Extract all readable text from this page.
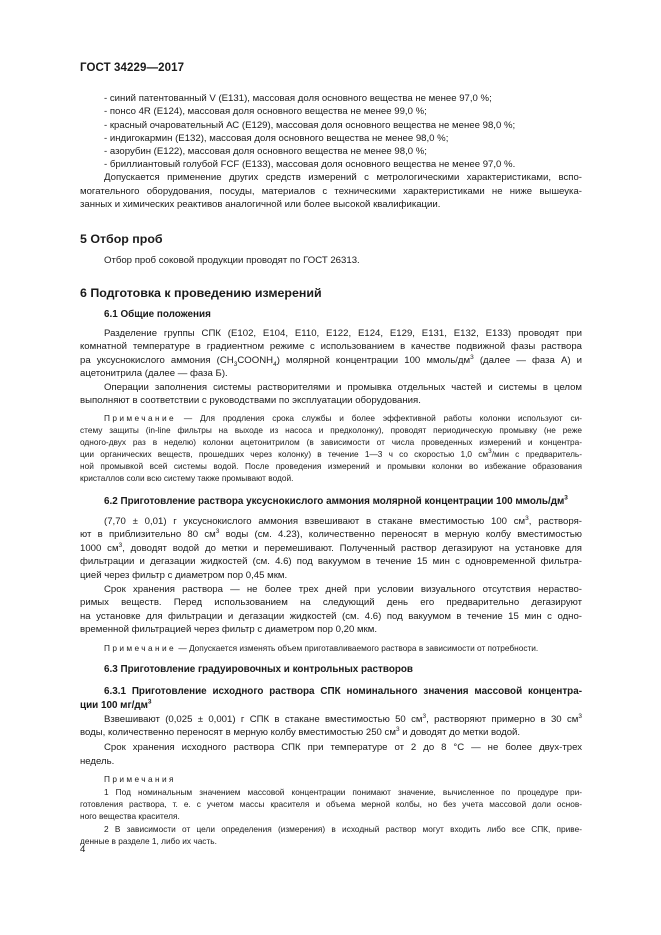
ГОСТ 34229—2017
- синий патентованный V (Е131), массовая доля основного вещества не менее 97,0 %;
- понсо 4R (Е124), массовая доля основного вещества не менее 99,0 %;
- красный очаровательный АС (Е129), массовая доля основного вещества не менее 98,0 %;
- индигокармин (Е132), массовая доля основного вещества не менее 98,0 %;
- азорубин (Е122), массовая доля основного вещества не менее 98,0 %;
- бриллиантовый голубой FCF (Е133), массовая доля основного вещества не менее 97,0 %.
Допускается применение других средств измерений с метрологическими характеристиками, вспо-
могательного оборудования, посуды, материалов с техническими характеристиками не ниже вышеука-
занных и химических реактивов аналогичной или более высокой квалификации.
5 Отбор проб
Отбор проб соковой продукции проводят по ГОСТ 26313.
6 Подготовка к проведению измерений
6.1 Общие положения
Разделение группы СПК (Е102, Е104, Е110, Е122, Е124, Е129, Е131, Е132, Е133) проводят при
комнатной температуре в градиентном режиме с использованием в качестве подвижной фазы раствора
ра уксуснокислого аммония $(CH_3COONH_4)$ молярной концентрации 100 ммоль/$дм^3$ (далее — фаза А) и
ацетонитрила (далее — фаза Б).
Операции заполнения системы растворителями и промывка отдельных частей и системы в целом
выполняют в соответствии с руководствами по эксплуатации оборудования.
Примечание — Для продления срока службы и более эффективной работы колонки используют си-
стему защиты (in-line фильтры на выходе из насоса и предколонку), проводят периодическую промывку (не реже
одного-двух раз в неделю) колонки ацетонитрилом (в зависимости от числа проведенных измерений и концентра-
ции органических веществ, прошедших через колонку) в течение 1—3 ч со скоростью 1,0 $см^3$/мин с предваритель-
ной промывкой всей системы водой. После проведения измерений и промывки колонки во избежание образования
кристаллов соли всю систему также промывают водой.
6.2 Приготовление раствора уксуснокислого аммония молярной концентрации 100 ммоль/$дм^3$
(7,70 ± 0,01) г уксуснокислого аммония взвешивают в стакане вместимостью 100 $см^3$, растворя-
ют в приблизительно 80 $см^3$ воды (см. 4.23), количественно переносят в мерную колбу вместимостью
1000 $см^3$, доводят водой до метки и перемешивают. Полученный раствор дегазируют на установке для
фильтрации и дегазации жидкостей (см. 4.6) под вакуумом в течение 15 мин с одновременной фильтра-
цией через фильтр с диаметром пор 0,45 мкм.
Срок хранения раствора — не более трех дней при условии визуального отсутствия нераство-
римых веществ. Перед использованием на следующий день его предварительно дегазируют
на установке для фильтрации и дегазации жидкостей (см. 4.6) под вакуумом в течение 15 мин с одно-
временной фильтрацией через фильтр с диаметром пор 0,20 мкм.
Примечание — Допускается изменять объем приготавливаемого раствора в зависимости от потребности.
6.3 Приготовление градуировочных и контрольных растворов
6.3.1 Приготовление исходного раствора СПК номинального значения массовой концентра-
ции 100 $мг/дм^3$
Взвешивают (0,025 ± 0,001) г СПК в стакане вместимостью 50 $см^3$, растворяют примерно в 30 $см^3$
воды, количественно переносят в мерную колбу вместимостью 250 $см^3$ и доводят до метки водой.
Срок хранения исходного раствора СПК при температуре от 2 до 8 °С — не более двух-трех
недель.
Примечания
1 Под номинальным значением массовой концентрации понимают значение, вычисленное по процедуре при-
готовления раствора, т. е. с учетом массы красителя и объема мерной колбы, но без учета массовой доли основ-
ного вещества красителя.
2 В зависимости от цели определения (измерения) в исходный раствор могут входить либо все СПК, приве-
денные в разделе 1, либо их часть.
4
